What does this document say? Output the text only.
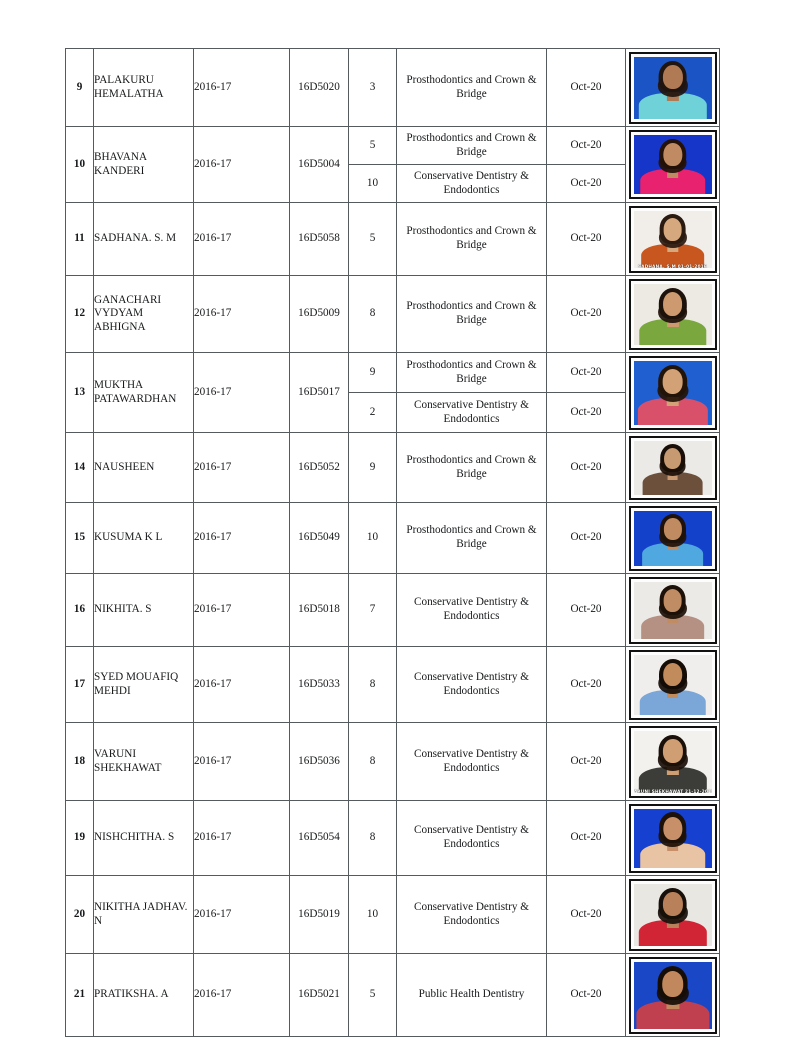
9	PALAKURU HEMALATHA	2016-17	16D5020	3	Prosthodontics and Crown & Bridge	Oct-20	

10	BHAVANA KANDERI	2016-17	16D5004	5	Prosthodontics and Crown & Bridge	Oct-20	

				10	Conservative Dentistry & Endodontics	Oct-20	
11	SADHANA. S. M	2016-17	16D5058	5	Prosthodontics and Crown & Bridge	Oct-20	SADHANA. S.M 01-01-2016

12	GANACHARI VYDYAM ABHIGNA	2016-17	16D5009	8	Prosthodontics and Crown & Bridge	Oct-20	

13	MUKTHA PATAWARDHAN	2016-17	16D5017	9	Prosthodontics and Crown & Bridge	Oct-20	

				2	Conservative Dentistry & Endodontics	Oct-20	
14	NAUSHEEN	2016-17	16D5052	9	Prosthodontics and Crown & Bridge	Oct-20	

15	KUSUMA K L	2016-17	16D5049	10	Prosthodontics and Crown & Bridge	Oct-20	

16	NIKHITA. S	2016-17	16D5018	7	Conservative Dentistry & Endodontics	Oct-20	

17	SYED MOUAFIQ MEHDI	2016-17	16D5033	8	Conservative Dentistry & Endodontics	Oct-20	

18	VARUNI SHEKHAWAT	2016-17	16D5036	8	Conservative Dentistry & Endodontics	Oct-20	VARUNI SHEKHAWAT 21-12-2015

19	NISHCHITHA. S	2016-17	16D5054	8	Conservative Dentistry & Endodontics	Oct-20	

20	NIKITHA JADHAV. N	2016-17	16D5019	10	Conservative Dentistry & Endodontics	Oct-20	

21	PRATIKSHA. A	2016-17	16D5021	5	Public Health Dentistry	Oct-20	
